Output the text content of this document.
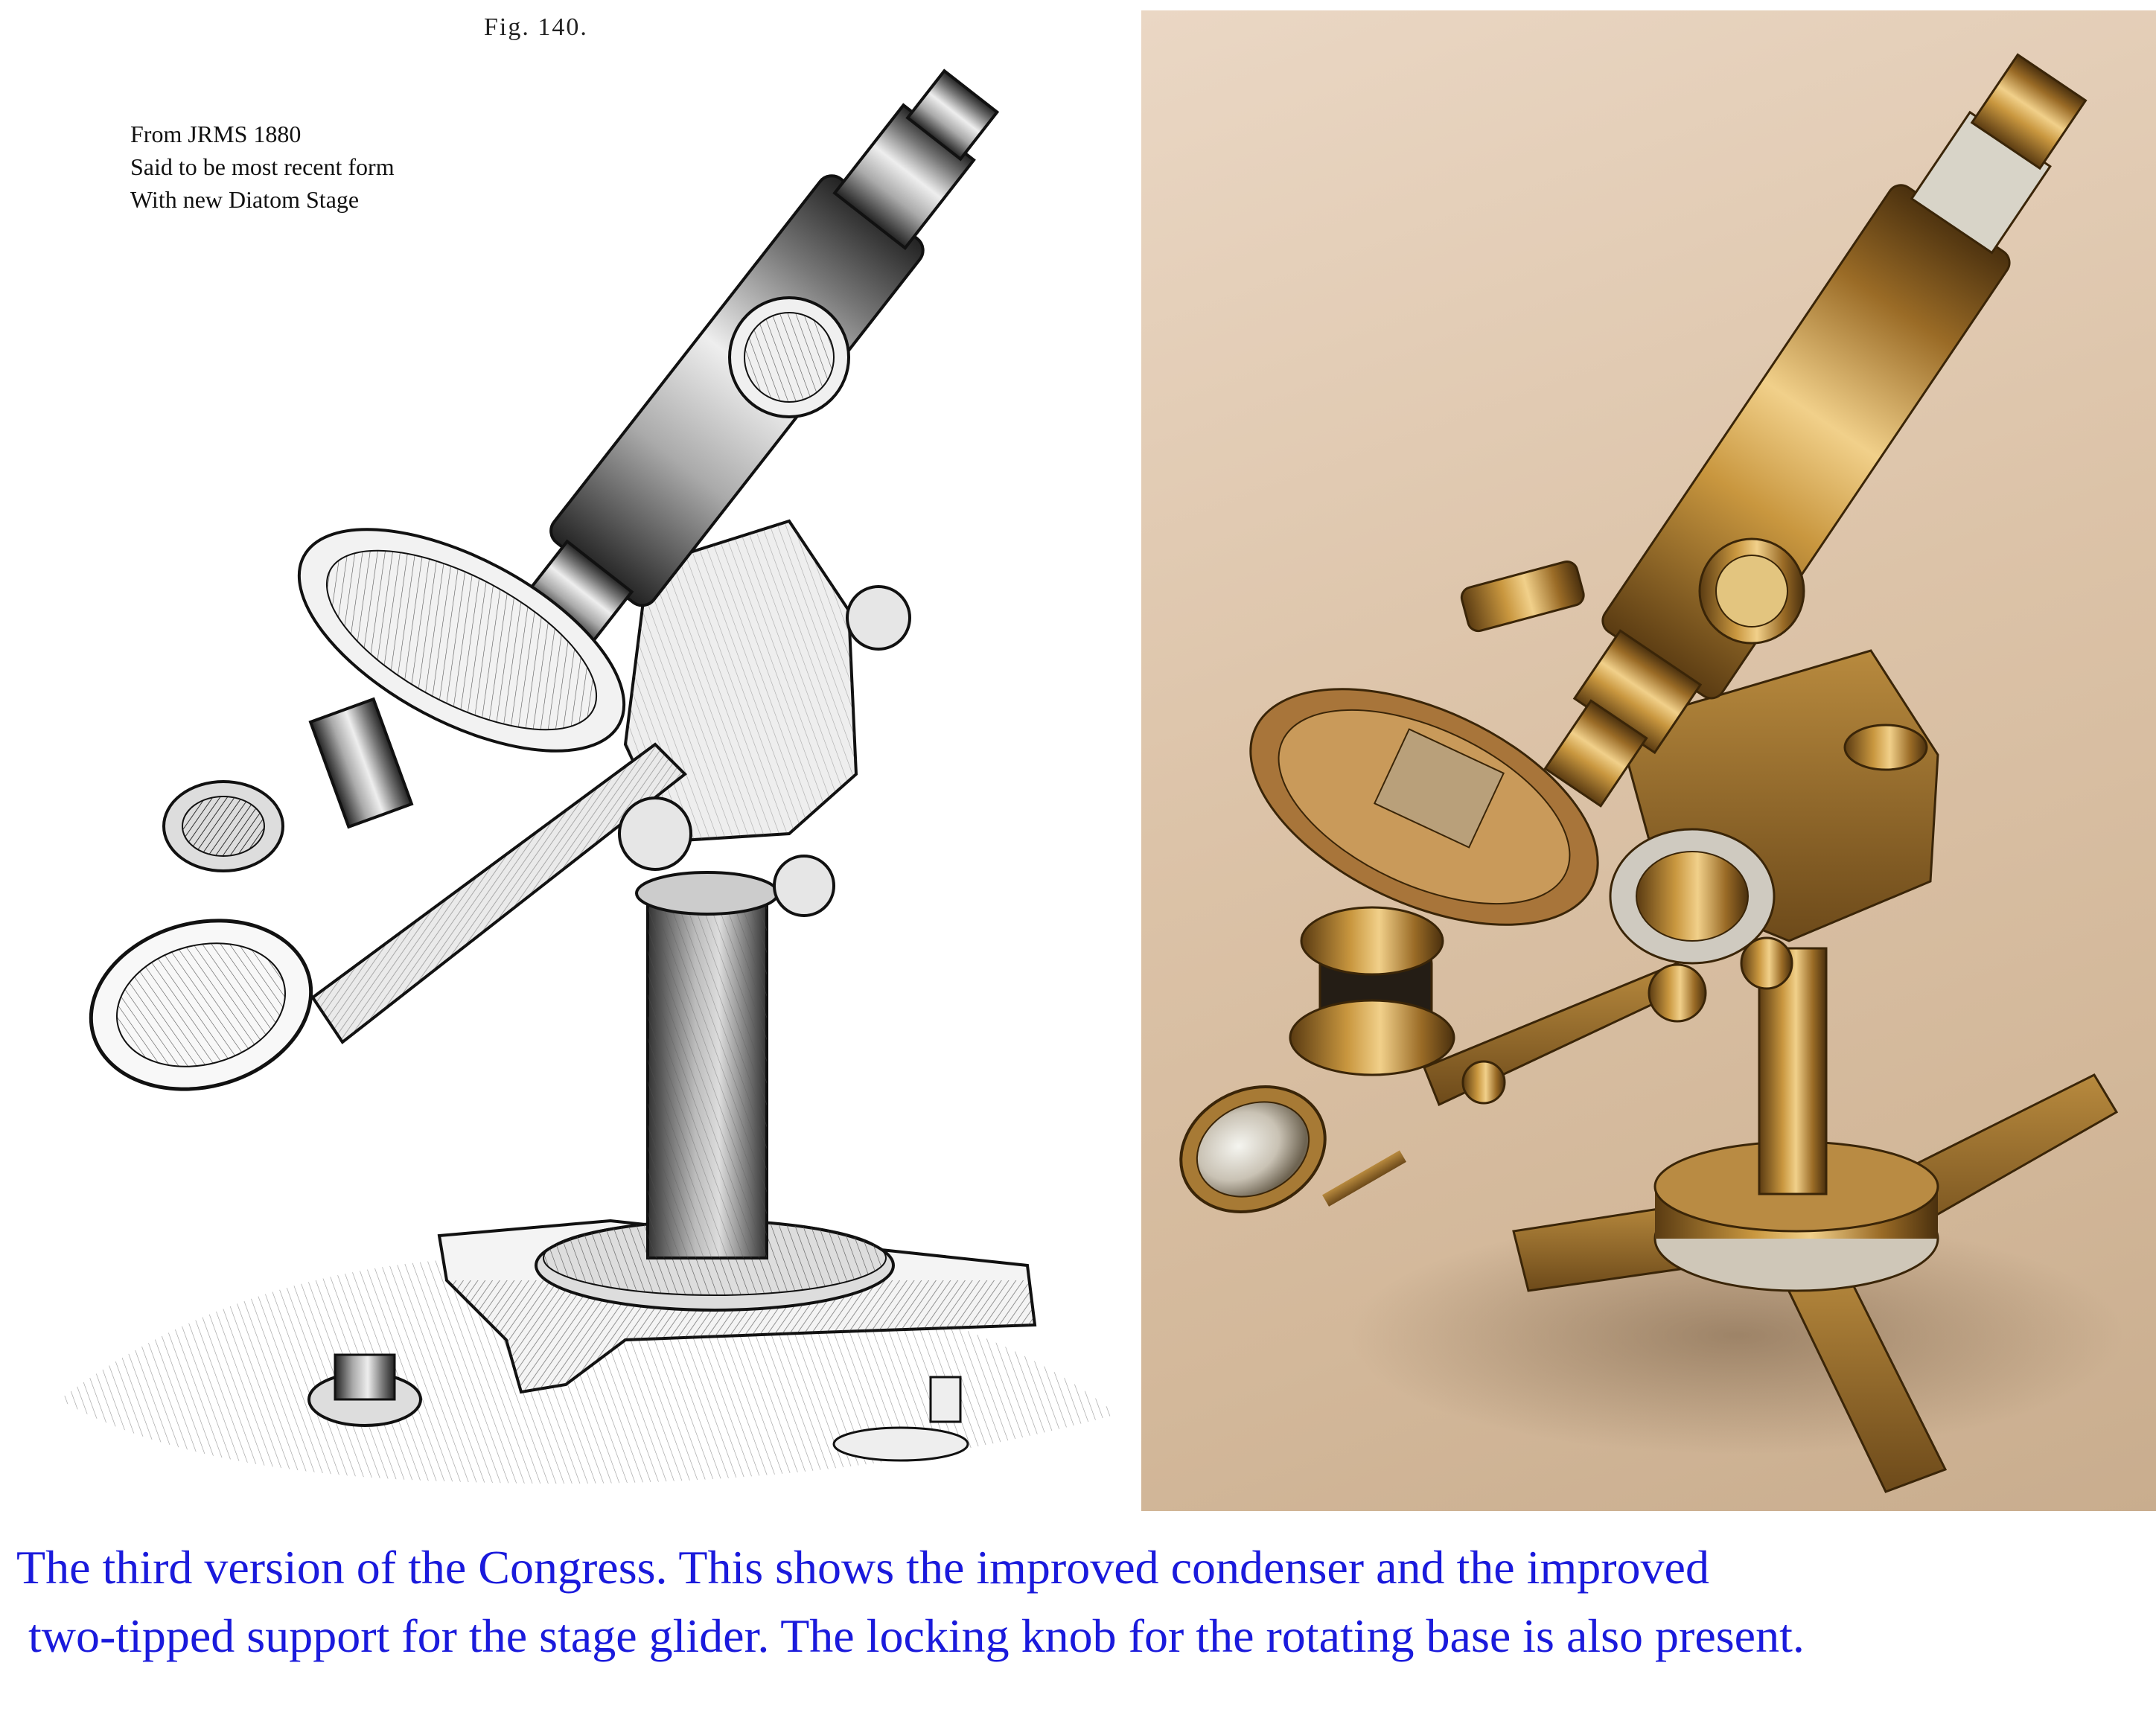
Fig. 140.
From JRMS 1880
Said to be most recent form
With new Diatom Stage
The third version of the Congress. This shows the improved condenser and the improved
two-tipped support for the stage glider. The locking knob for the rotating base is also present.
